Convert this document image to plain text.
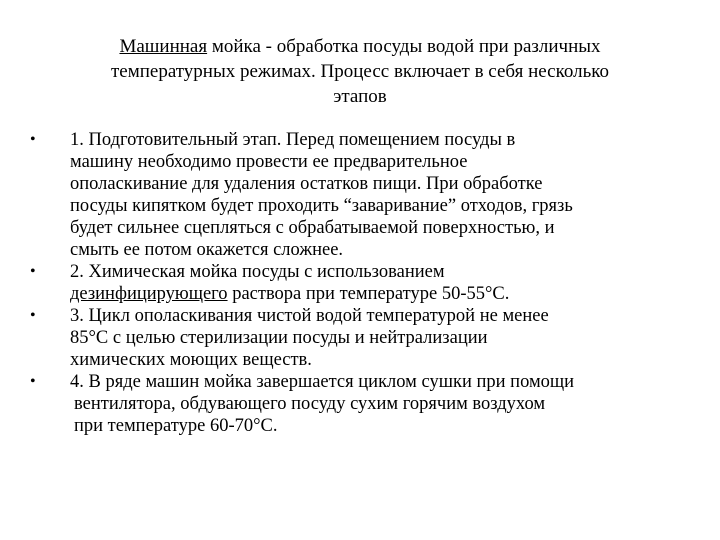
Машинная мойка - обработка посуды водой при различных
температурных режимах. Процесс включает в себя несколько
этапов
• 1. Подготовительный этап. Перед помещением посуды в
машину необходимо провести ее предварительное
ополаскивание для удаления остатков пищи. При обработке
посуды кипятком будет проходить “заваривание” отходов, грязь
будет сильнее сцепляться с обрабатываемой поверхностью, и
смыть ее потом окажется сложнее.
• 2. Химическая мойка посуды с использованием
дезинфицирующего раствора при температуре 50-55°С.
• 3. Цикл ополаскивания чистой водой температурой не менее
85°С с целью стерилизации посуды и нейтрализации
химических моющих веществ.
• 4. В ряде машин мойка завершается циклом сушки при помощи
вентилятора, обдувающего посуду сухим горячим воздухом
при температуре 60-70°С.
